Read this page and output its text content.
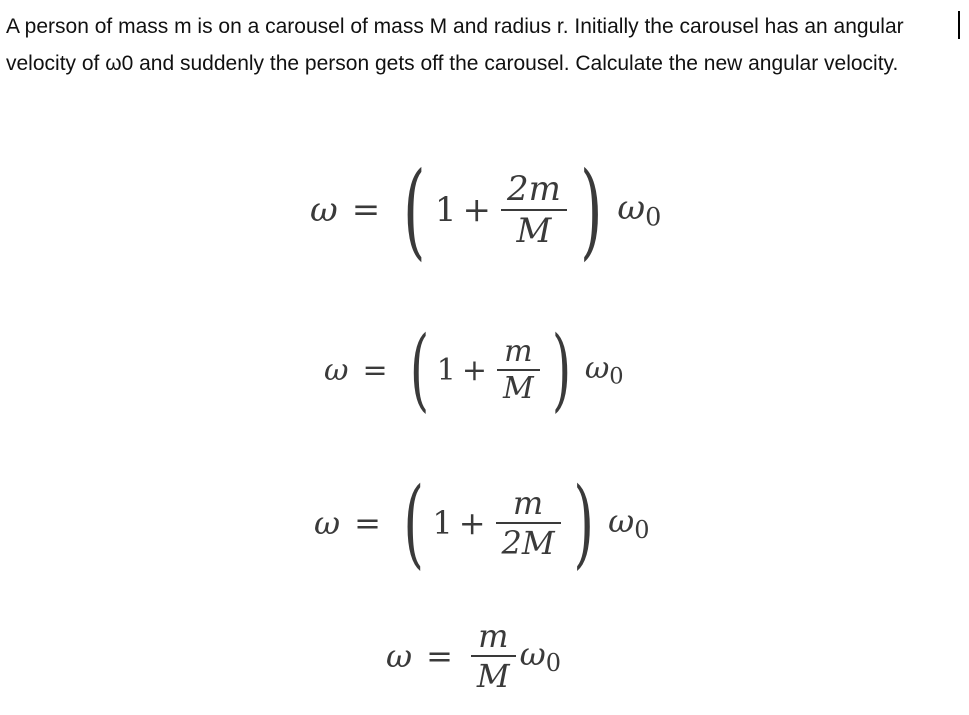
A person of mass m is on a carousel of mass M and radius r. Initially the carousel has an angular velocity of ω0 and suddenly the person gets off the carousel. Calculate the new angular velocity.
ω = ( $1 + \frac{2m}{M}$ ) $\omega_0$
ω = ( $1 + \frac{m}{M}$ ) $\omega_0$
ω = ( $1 + \frac{m}{2M}$ ) $\omega_0$
$\omega = \frac{m}{M} \omega_0$
